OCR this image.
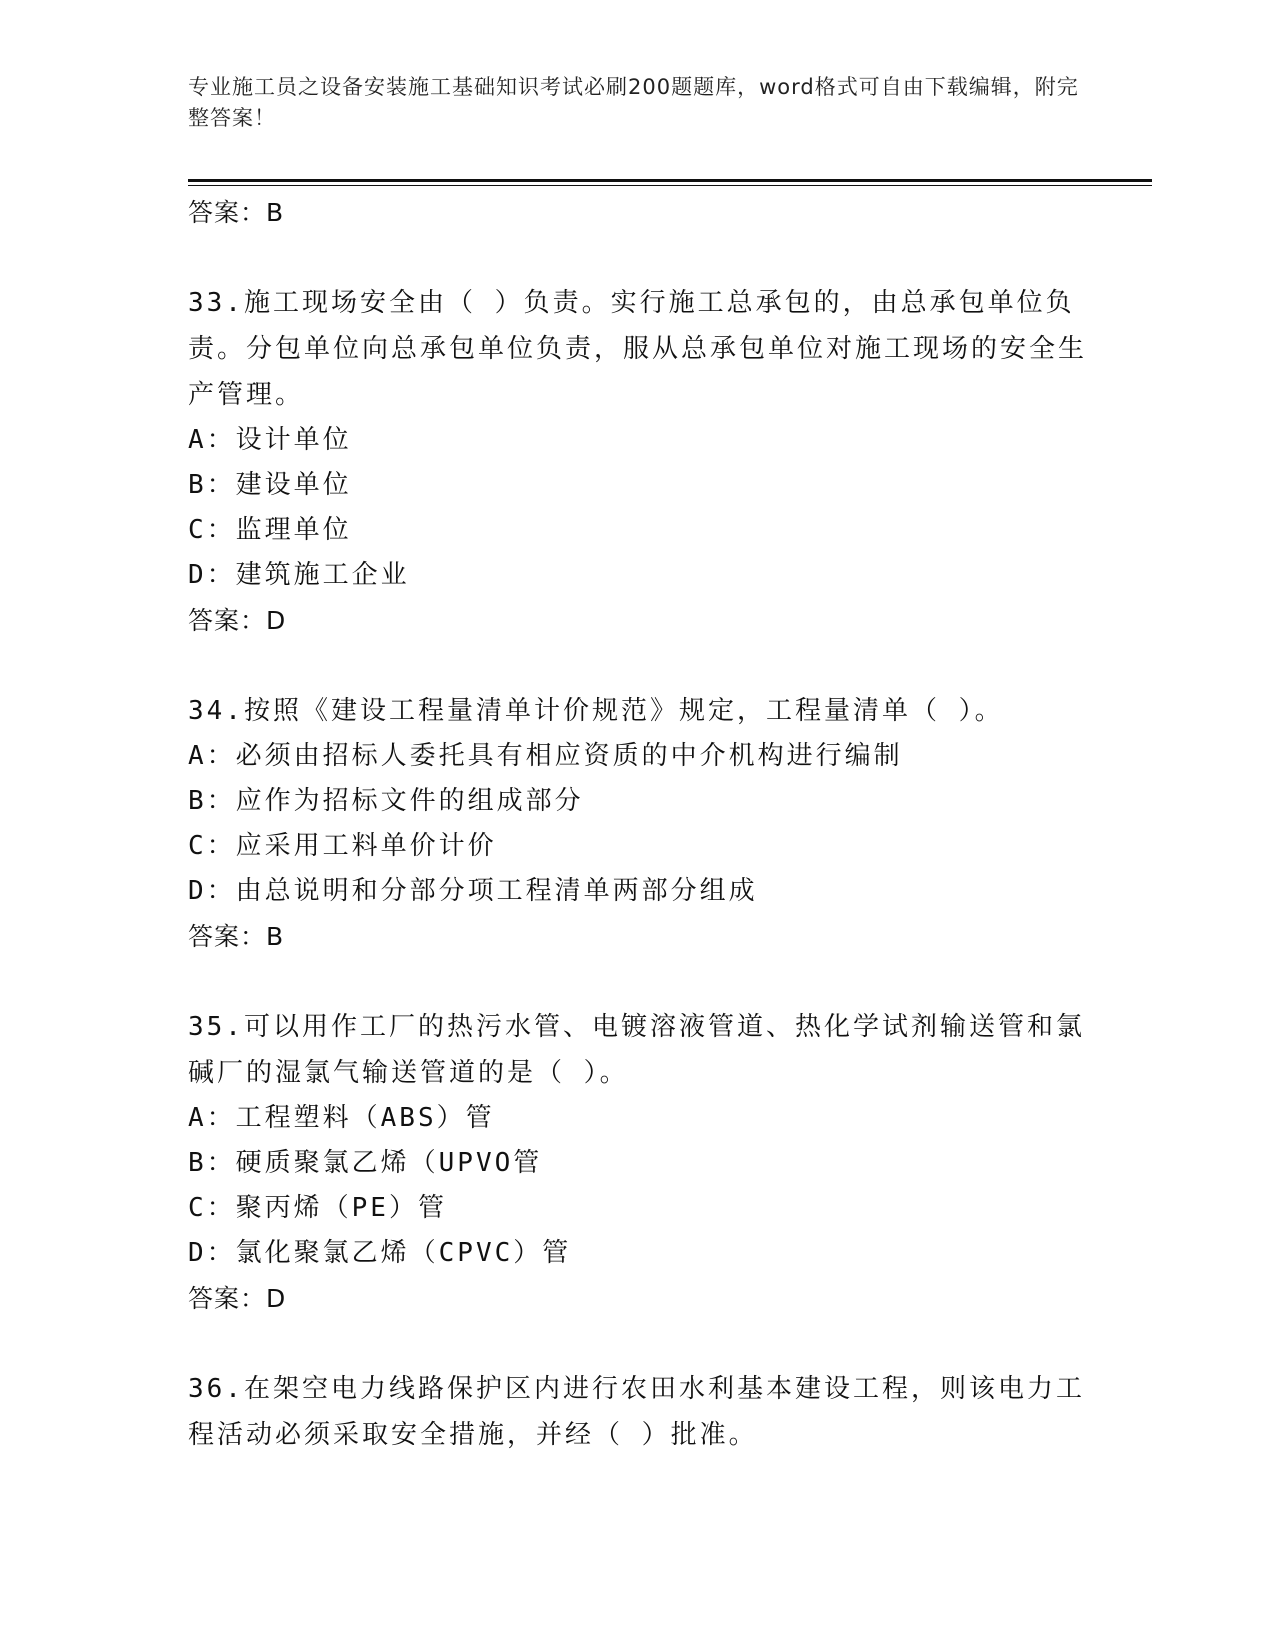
专业施工员之设备安装施工基础知识考试必刷200题题库，word格式可自由下载编辑，附完整答案！
答案：B
33.施工现场安全由（ ）负责。实行施工总承包的，由总承包单位负责。分包单位向总承包单位负责，服从总承包单位对施工现场的安全生产管理。
A：设计单位
B：建设单位
C：监理单位
D：建筑施工企业
答案：D
34.按照《建设工程量清单计价规范》规定，工程量清单（ ）。
A：必须由招标人委托具有相应资质的中介机构进行编制
B：应作为招标文件的组成部分
C：应采用工料单价计价
D：由总说明和分部分项工程清单两部分组成
答案：B
35.可以用作工厂的热污水管、电镀溶液管道、热化学试剂输送管和氯碱厂的湿氯气输送管道的是（ ）。
A：工程塑料（ABS）管
B：硬质聚氯乙烯（UPVO管
C：聚丙烯（PE）管
D：氯化聚氯乙烯（CPVC）管
答案：D
36.在架空电力线路保护区内进行农田水利基本建设工程，则该电力工程活动必须采取安全措施，并经（ ）批准。
